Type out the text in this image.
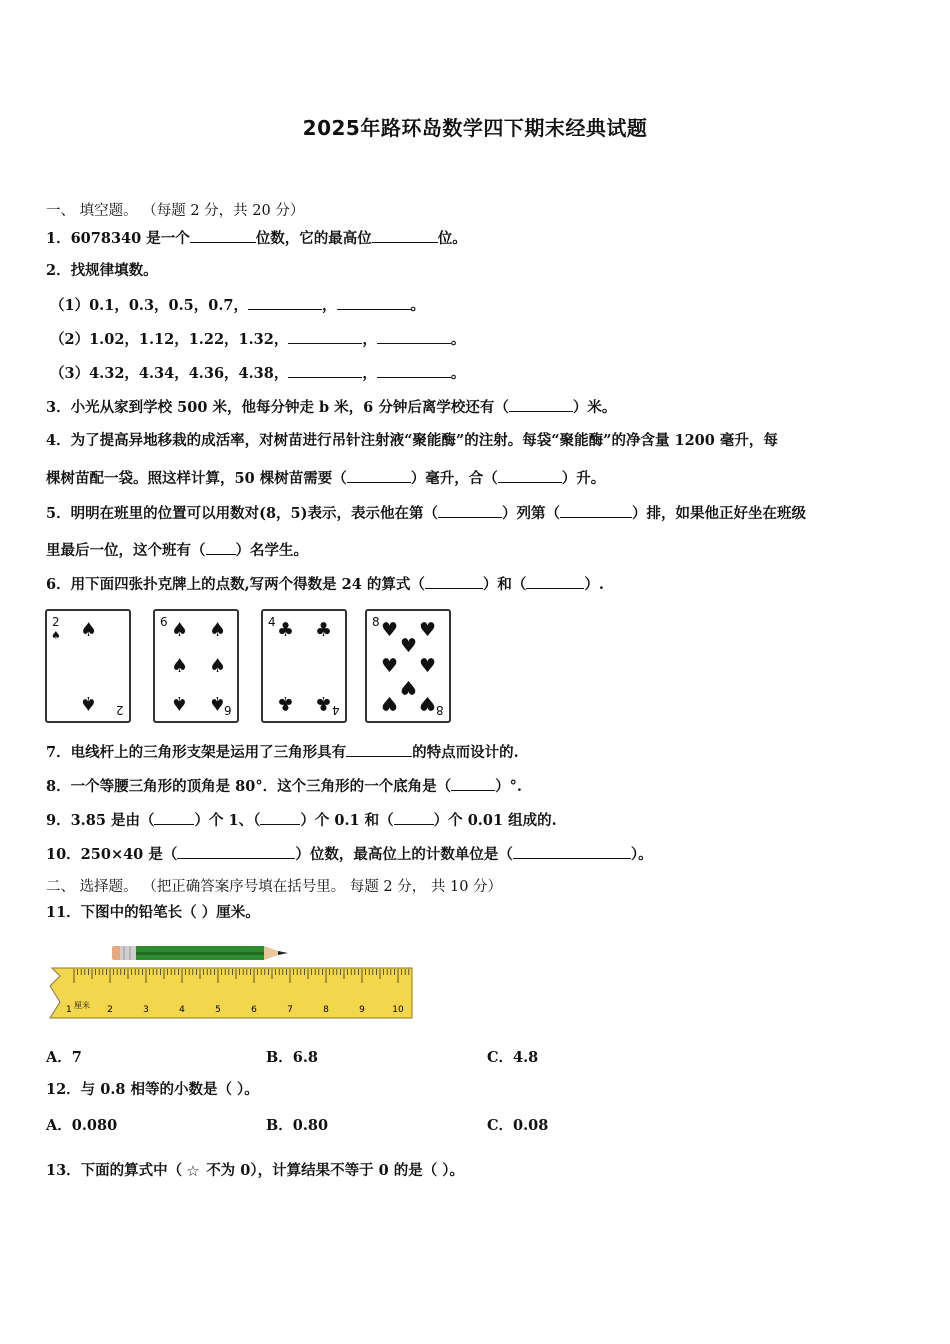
2025年路环岛数学四下期末经典试题
一、 填空题。 （每题 2 分，共 20 分）
1．6078340 是一个	位数，它的最高位	位。
2．找规律填数。
（1）0.1，0.3，0.5，0.7，	，	。
（2）1.02，1.12，1.22，1.32，	，	。
（3）4.32，4.34，4.36，4.38，	，	。
3．小光从家到学校 500 米，他每分钟走 b 米，6 分钟后离学校还有（	）米。
4．为了提高异地移栽的成活率，对树苗进行吊针注射液“聚能酶”的注射。每袋“聚能酶”的净含量 1200 毫升，每
棵树苗配一袋。照这样计算，50 棵树苗需要（	）毫升，合（	）升。
5．明明在班里的位置可以用数对(8，5)表示，表示他在第（	）列第（	）排，如果他正好坐在班级
里最后一位，这个班有（ ）名学生。
6．用下面四张扑克牌上的点数,写两个得数是 24 的算式（	）和（	）.
2
♠ ♠
♠ 2
6 ♠ ♠
♠ ♠
♠ ♠
6
4 ♣ ♣
♣ ♣ 4
8 ♥ ♥
♥
♥ ♥
♥
♥ ♥ 8
7．电线杆上的三角形支架是运用了三角形具有	的特点而设计的.
8．一个等腰三角形的顶角是 80°．这个三角形的一个底角是（	）°.
9．3.85 是由（	）个 1、（	）个 0.1 和（	）个 0.01 组成的.
10．250×40 是（	）位数，最高位上的计数单位是（	）。
二、 选择题。 （把正确答案序号填在括号里。 每题 2 分， 共 10 分）
11．下图中的铅笔长（ ）厘米。
2	3	4	5	6	7	8	9	10
1 厘米
A．7	B．6.8	C．4.8
12．与 0.8 相等的小数是（ ）。
A．0.080	B．0.80	C．0.08
13．下面的算式中（ ☆ 不为 0），计算结果不等于 0 的是（ ）。
